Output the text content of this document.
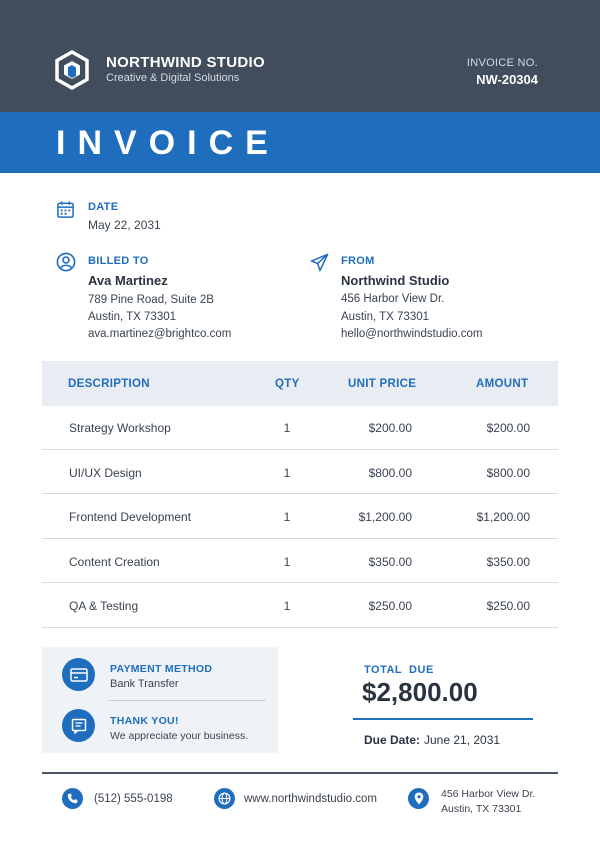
NORTHWIND STUDIO
Creative & Digital Solutions
INVOICE NO.
NW-20304
INVOICE
DATE
May 22, 2031
BILLED TO
Ava Martinez
789 Pine Road, Suite 2B
Austin, TX 73301
ava.martinez@brightco.com
FROM
Northwind Studio
456 Harbor View Dr.
Austin, TX 73301
hello@northwindstudio.com
DESCRIPTION	QTY	UNIT PRICE	AMOUNT
Strategy Workshop	1	$200.00	$200.00
UI/UX Design	1	$800.00	$800.00
Frontend Development	1	$1,200.00	$1,200.00
Content Creation	1	$350.00	$350.00
QA & Testing	1	$250.00	$250.00
PAYMENT METHOD
Bank Transfer
THANK YOU!
We appreciate your business.
TOTAL  DUE
$2,800.00
Due Date: June 21, 2031
(512) 555-0198	www.northwindstudio.com	456 Harbor View Dr.
Austin, TX 73301
